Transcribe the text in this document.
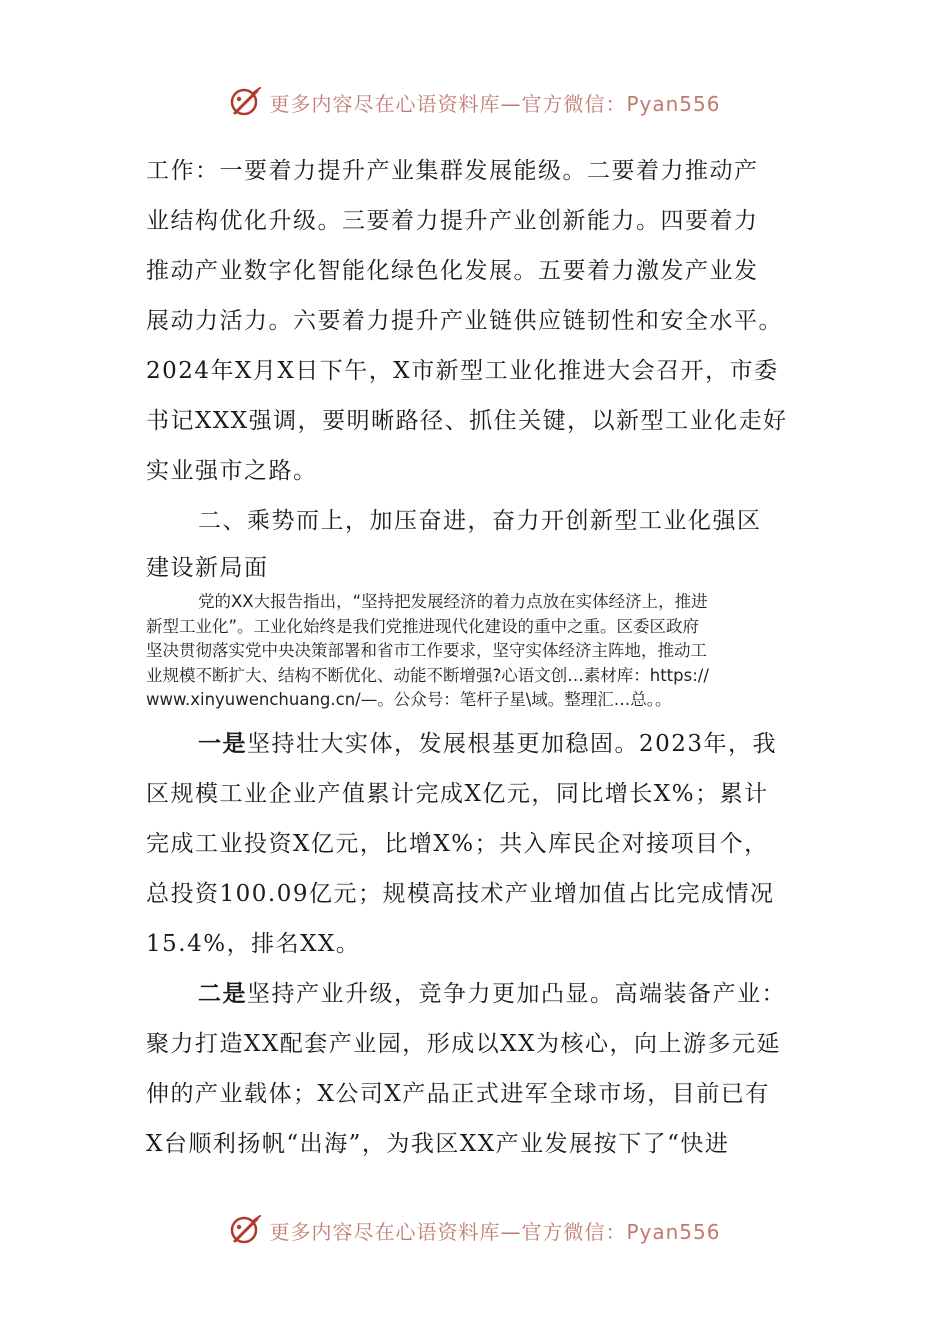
更多内容尽在心语资料库—官方微信：Pyan556
工作：一要着力提升产业集群发展能级。二要着力推动产
业结构优化升级。三要着力提升产业创新能力。四要着力
推动产业数字化智能化绿色化发展。五要着力激发产业发
展动力活力。六要着力提升产业链供应链韧性和安全水平。
2024年X月X日下午，X市新型工业化推进大会召开，市委
书记XXX强调，要明晰路径、抓住关键，以新型工业化走好
实业强市之路。
二、乘势而上，加压奋进，奋力开创新型工业化强区
建设新局面
党的XX大报告指出，“坚持把发展经济的着力点放在实体经济上，推进
新型工业化”。工业化始终是我们党推进现代化建设的重中之重。区委区政府
坚决贯彻落实党中央决策部署和省市工作要求，坚守实体经济主阵地，推动工
业规模不断扩大、结构不断优化、动能不断增强?心语文创…素材库：https://
www.xinyuwenchuang.cn/—。公众号：笔杆子星\域。整理汇…总。。
一是坚持壮大实体，发展根基更加稳固。2023年，我
区规模工业企业产值累计完成X亿元，同比增长X%；累计
完成工业投资X亿元，比增X%；共入库民企对接项目个，
总投资100.09亿元；规模高技术产业增加值占比完成情况
15.4%，排名XX。
二是坚持产业升级，竞争力更加凸显。高端装备产业：
聚力打造XX配套产业园，形成以XX为核心，向上游多元延
伸的产业载体；X公司X产品正式进军全球市场，目前已有
X台顺利扬帆“出海”，为我区XX产业发展按下了“快进
更多内容尽在心语资料库—官方微信：Pyan556
